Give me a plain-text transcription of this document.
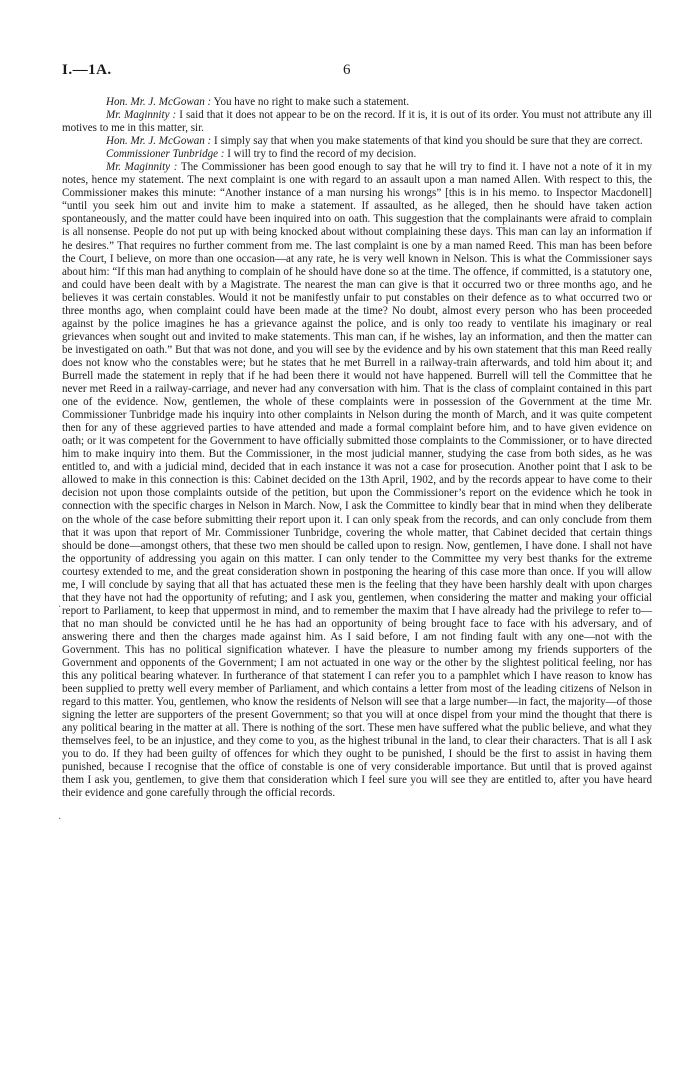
I.—1A.	6

Hon. Mr. J. McGowan : You have no right to make such a statement.

Mr. Maginnity : I said that it does not appear to be on the record. If it is, it is out of its order. You must not attribute any ill motives to me in this matter, sir.

Hon. Mr. J. McGowan : I simply say that when you make statements of that kind you should be sure that they are correct.

Commissioner Tunbridge : I will try to find the record of my decision.

Mr. Maginnity : The Commissioner has been good enough to say that he will try to find it. I have not a note of it in my notes, hence my statement. The next complaint is one with regard to an assault upon a man named Allen. With respect to this, the Commissioner makes this minute: “Another instance of a man nursing his wrongs” [this is in his memo. to Inspector Macdonell] “until you seek him out and invite him to make a statement. If assaulted, as he alleged, then he should have taken action spontaneously, and the matter could have been inquired into on oath. This suggestion that the complainants were afraid to complain is all nonsense. People do not put up with being knocked about without complaining these days. This man can lay an information if he desires.” That requires no further comment from me. The last complaint is one by a man named Reed. This man has been before the Court, I believe, on more than one occasion—at any rate, he is very well known in Nelson. This is what the Commissioner says about him: “If this man had anything to complain of he should have done so at the time. The offence, if committed, is a statutory one, and could have been dealt with by a Magistrate. The nearest the man can give is that it occurred two or three months ago, and he believes it was certain constables. Would it not be manifestly unfair to put constables on their defence as to what occurred two or three months ago, when complaint could have been made at the time? No doubt, almost every person who has been proceeded against by the police imagines he has a grievance against the police, and is only too ready to ventilate his imaginary or real grievances when sought out and invited to make statements. This man can, if he wishes, lay an information, and then the matter can be investigated on oath.” But that was not done, and you will see by the evidence and by his own statement that this man Reed really does not know who the constables were; but he states that he met Burrell in a railway-train afterwards, and told him about it; and Burrell made the statement in reply that if he had been there it would not have happened. Burrell will tell the Committee that he never met Reed in a railway-carriage, and never had any conversation with him. That is the class of complaint contained in this part one of the evidence. Now, gentlemen, the whole of these complaints were in possession of the Government at the time Mr. Commissioner Tunbridge made his inquiry into other complaints in Nelson during the month of March, and it was quite competent then for any of these aggrieved parties to have attended and made a formal complaint before him, and to have given evidence on oath; or it was competent for the Government to have officially submitted those complaints to the Commissioner, or to have directed him to make inquiry into them. But the Commissioner, in the most judicial manner, studying the case from both sides, as he was entitled to, and with a judicial mind, decided that in each instance it was not a case for prosecution. Another point that I ask to be allowed to make in this connection is this: Cabinet decided on the 13th April, 1902, and by the records appear to have come to their decision not upon those complaints outside of the petition, but upon the Commissioner’s report on the evidence which he took in connection with the specific charges in Nelson in March. Now, I ask the Committee to kindly bear that in mind when they deliberate on the whole of the case before submitting their report upon it. I can only speak from the records, and can only conclude from them that it was upon that report of Mr. Commissioner Tunbridge, covering the whole matter, that Cabinet decided that certain things should be done—amongst others, that these two men should be called upon to resign. Now, gentlemen, I have done. I shall not have the opportunity of addressing you again on this matter. I can only tender to the Committee my very best thanks for the extreme courtesy extended to me, and the great consideration shown in postponing the hearing of this case more than once. If you will allow me, I will conclude by saying that all that has actuated these men is the feeling that they have been harshly dealt with upon charges that they have not had the opportunity of refuting; and I ask you, gentlemen, when considering the matter and making your official report to Parliament, to keep that uppermost in mind, and to remember the maxim that I have already had the privilege to refer to—that no man should be convicted until he he has had an opportunity of being brought face to face with his adversary, and of answering there and then the charges made against him. As I said before, I am not finding fault with any one—not with the Government. This has no political signification whatever. I have the pleasure to number among my friends supporters of the Government and opponents of the Government; I am not actuated in one way or the other by the slightest political feeling, nor has this any political bearing whatever. In furtherance of that statement I can refer you to a pamphlet which I have reason to know has been supplied to pretty well every member of Parliament, and which contains a letter from most of the leading citizens of Nelson in regard to this matter. You, gentlemen, who know the residents of Nelson will see that a large number—in fact, the majority—of those signing the letter are supporters of the present Government; so that you will at once dispel from your mind the thought that there is any political bearing in the matter at all. There is nothing of the sort. These men have suffered what the public believe, and what they themselves feel, to be an injustice, and they come to you, as the highest tribunal in the land, to clear their characters. That is all I ask you to do. If they had been guilty of offences for which they ought to be punished, I should be the first to assist in having them punished, because I recognise that the office of constable is one of very considerable importance. But until that is proved against them I ask you, gentlemen, to give them that consideration which I feel sure you will see they are entitled to, after you have heard their evidence and gone carefully through the official records.

·
·
